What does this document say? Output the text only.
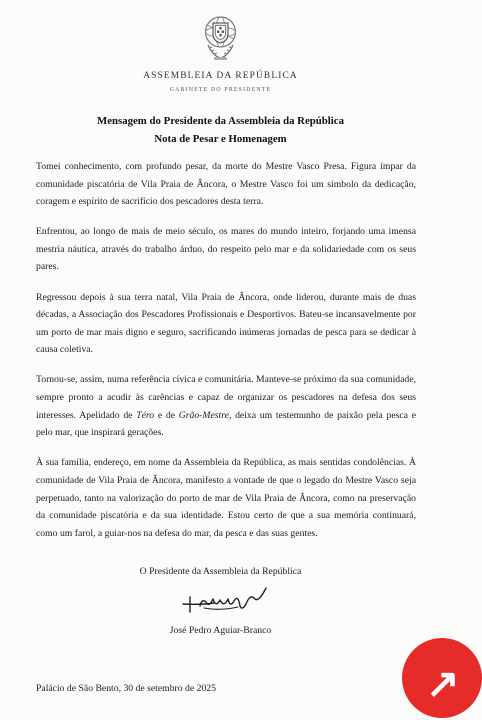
ASSEMBLEIA DA REPÚBLICA
GABINETE DO PRESIDENTE
Mensagem do Presidente da Assembleia da República
Nota de Pesar e Homenagem

Tomei conhecimento, com profundo pesar, da morte do Mestre Vasco Presa. Figura ímpar da comunidade piscatória de Vila Praia de Âncora, o Mestre Vasco foi um símbolo da dedicação, coragem e espírito de sacrifício dos pescadores desta terra.

Enfrentou, ao longo de mais de meio século, os mares do mundo inteiro, forjando uma imensa mestria náutica, através do trabalho árduo, do respeito pelo mar e da solidariedade com os seus pares.

Regressou depois à sua terra natal, Vila Praia de Âncora, onde liderou, durante mais de duas décadas, a Associação dos Pescadores Profissionais e Desportivos. Bateu-se incansavelmente por um porto de mar mais digno e seguro, sacrificando inúmeras jornadas de pesca para se dedicar à causa coletiva.

Tornou-se, assim, numa referência cívica e comunitária. Manteve-se próximo da sua comunidade, sempre pronto a acudir às carências e capaz de organizar os pescadores na defesa dos seus interesses. Apelidado de Téro e de Grão-Mestre, deixa um testemunho de paixão pela pesca e pelo mar, que inspirará gerações.

À sua família, endereço, em nome da Assembleia da República, as mais sentidas condolências. À comunidade de Vila Praia de Âncora, manifesto a vontade de que o legado do Mestre Vasco seja perpetuado, tanto na valorização do porto de mar de Vila Praia de Âncora, como na preservação da comunidade piscatória e da sua identidade. Estou certo de que a sua memória continuará, como um farol, a guiar-nos na defesa do mar, da pesca e das suas gentes.

O Presidente da Assembleia da República
José Pedro Aguiar-Branco
Palácio de São Bento, 30 de setembro de 2025	↗
